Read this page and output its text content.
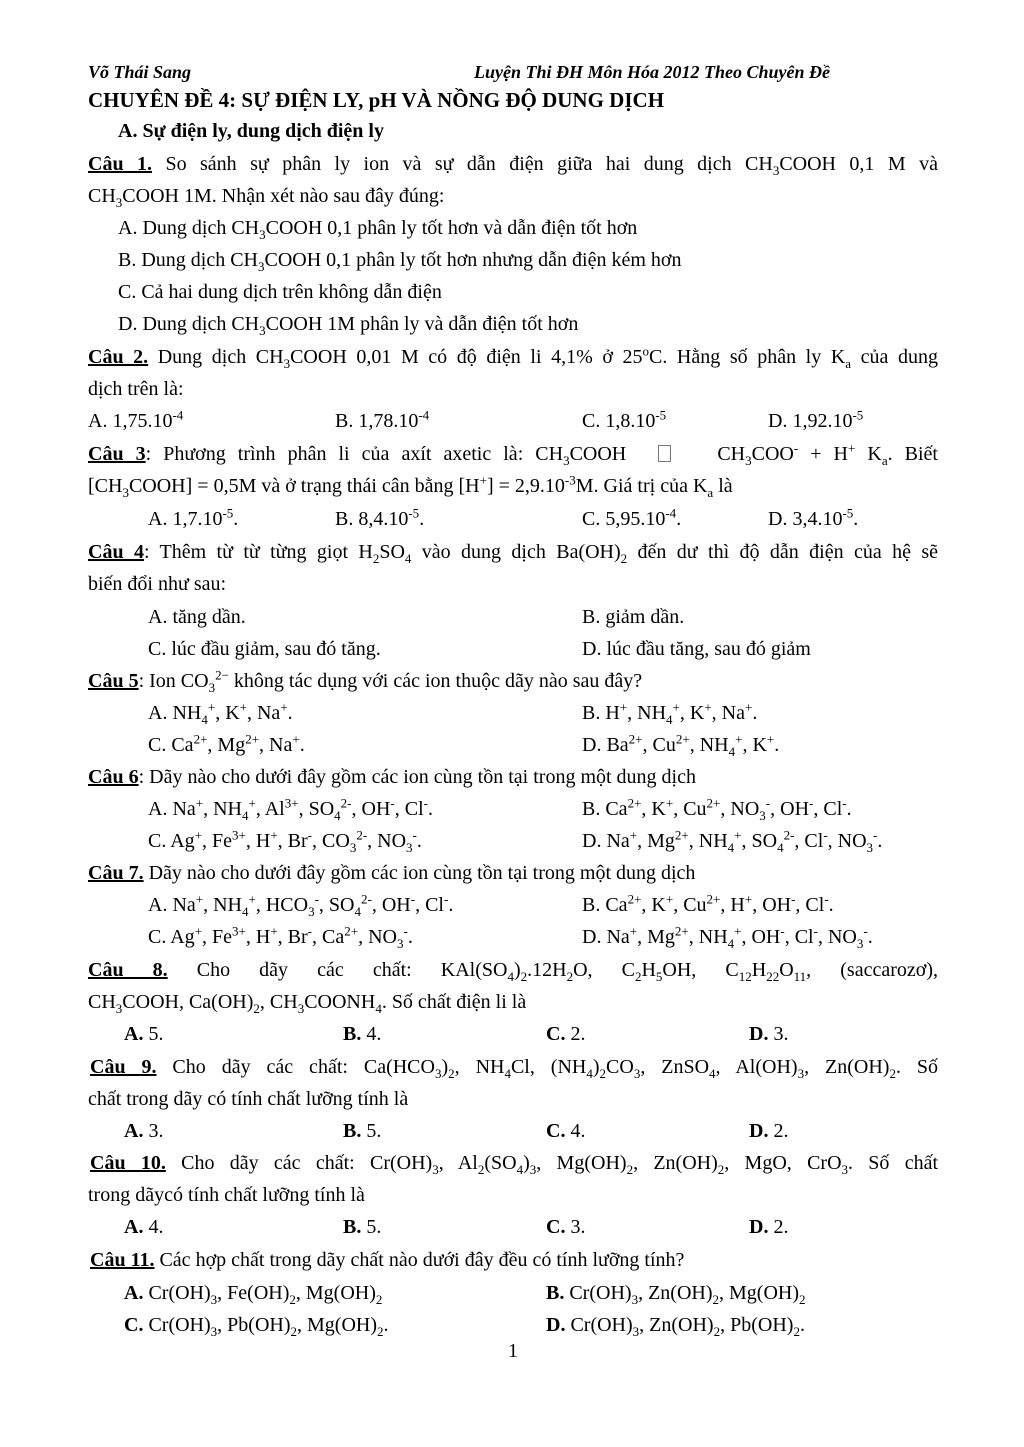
Võ Thái Sang	Luyện Thi ĐH Môn Hóa 2012 Theo Chuyên Đề
CHUYÊN ĐỀ 4: SỰ ĐIỆN LY, pH VÀ NỒNG ĐỘ DUNG DỊCH
A. Sự điện ly, dung dịch điện ly
Câu 1. So sánh sự phân ly ion và sự dẫn điện giữa hai dung dịch $CH_3COOH$ 0,1 M và
$CH_3COOH$ 1M. Nhận xét nào sau đây đúng:
A. Dung dịch $CH_3COOH$ 0,1 phân ly tốt hơn và dẫn điện tốt hơn
B. Dung dịch $CH_3COOH$ 0,1 phân ly tốt hơn nhưng dẫn điện kém hơn
C. Cả hai dung dịch trên không dẫn điện
D. Dung dịch $CH_3COOH$ 1M phân ly và dẫn điện tốt hơn
Câu 2. Dung dịch $CH_3COOH$ 0,01 M có độ điện li 4,1% ở 25$^o$C. Hằng số phân ly $K_a$ của dung
dịch trên là:
A. $1,75.10^{-4}$	B. $1,78.10^{-4}$	C. $1,8.10^{-5}$	D. $1,92.10^{-5}$
Câu 3: Phương trình phân li của axít axetic là: $CH_3COOH$	$CH_3COO^- + H^+$ $K_a$. Biết
$[CH_3COOH] = 0,5M$ và ở trạng thái cân bằng $[H^+] = 2,9.10^{-3}M$. Giá trị của $K_a$ là
A. $1,7.10^{-5}$.	B. $8,4.10^{-5}$.	C. $5,95.10^{-4}$.	D. $3,4.10^{-5}$.
Câu 4: Thêm từ từ từng giọt $H_2SO_4$ vào dung dịch $Ba(OH)_2$ đến dư thì độ dẫn điện của hệ sẽ
biến đổi như sau:
A. tăng dần.	B. giảm dần.
C. lúc đầu giảm, sau đó tăng.	D. lúc đầu tăng, sau đó giảm
Câu 5: Ion $CO_3^{2-}$ không tác dụng với các ion thuộc dãy nào sau đây?
A. $NH_4^+$, K+, Na+.	B. H+, $NH_4^+$, K+, Na+.
C. $Ca^{2+}$, $Mg^{2+}$, Na+.	D. $Ba^{2+}$, $Cu^{2+}$, $NH_4^+$, K+.
Câu 6: Dãy nào cho dưới đây gồm các ion cùng tồn tại trong một dung dịch
A. Na+, $NH_4^+$, $Al^{3+}$, $SO_4^{2-}$, OH-, Cl-.	B. $Ca^{2+}$, K+, $Cu^{2+}$, $NO_3^-$, OH-, Cl-.
C. Ag+, $Fe^{3+}$, H+, Br-, $CO_3^{2-}$, $NO_3^-$.	D. Na+, $Mg^{2+}$, $NH_4^+$, $SO_4^{2-}$, Cl-, $NO_3^-$.
Câu 7. Dãy nào cho dưới đây gồm các ion cùng tồn tại trong một dung dịch
A. Na+, $NH_4^+$, $HCO_3^-$, $SO_4^{2-}$, OH-, Cl-.	B. $Ca^{2+}$, K+, $Cu^{2+}$, H+, OH-, Cl-.
C. Ag+, $Fe^{3+}$, H+, Br-, $Ca^{2+}$, $NO_3^-$.	D. Na+, $Mg^{2+}$, $NH_4^+$, OH-, Cl-, $NO_3^-$.
Câu 8. Cho dãy các chất: $KAl(SO_4)_2.12H_2O$, $C_2H_5OH$, $C_{12}H_{22}O_{11}$, (saccarozơ),
$CH_3COOH$, $Ca(OH)_2$, $CH_3COONH_4$. Số chất điện li là
A. 5.	B. 4.	C. 2.	D. 3.
Câu 9. Cho dãy các chất: $Ca(HCO_3)_2$, $NH_4Cl$, $(NH_4)_2CO_3$, ZnSO$_4$, $Al(OH)_3$, $Zn(OH)_2$. Số
chất trong dãy có tính chất lưỡng tính là
A. 3.	B. 5.	C. 4.	D. 2.
Câu 10. Cho dãy các chất: $Cr(OH)_3$, $Al_2(SO_4)_3$, $Mg(OH)_2$, $Zn(OH)_2$, MgO, CrO$_3$. Số chất
trong dãycó tính chất lưỡng tính là
A. 4.	B. 5.	C. 3.	D. 2.
Câu 11. Các hợp chất trong dãy chất nào dưới đây đều có tính lưỡng tính?
A. $Cr(OH)_3$, $Fe(OH)_2$, $Mg(OH)_2$	B. $Cr(OH)_3$, $Zn(OH)_2$, $Mg(OH)_2$
C. $Cr(OH)_3$, $Pb(OH)_2$, $Mg(OH)_2$.	D. $Cr(OH)_3$, $Zn(OH)_2$, $Pb(OH)_2$.
1
